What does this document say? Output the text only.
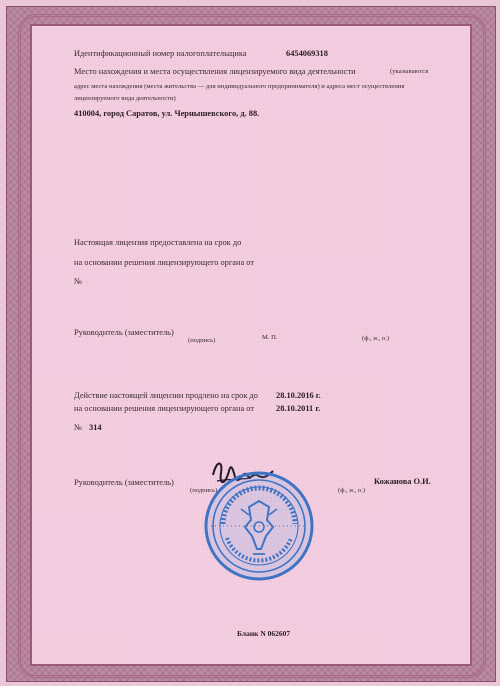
Идентификационный номер налогоплательщика	6454069318
Место нахождения и места осуществления лицензируемого вида деятельности	(указываются
адрес места нахождения (места жительства — для индивидуального предпринимателя) и адреса мест осуществления
лицензируемого вида деятельности)
410004, город Саратов, ул. Чернышевского, д. 88.
Настоящая лицензия предоставлена на срок до
на основании решения лицензирующего органа от
№
Руководитель (заместитель)
(подпись)	М. П.	(ф., и., о.)
Действие настоящей лицензии продлено на срок до 28.10.2016 г.
на основании решения лицензирующего органа от	28.10.2011 г.
№ 314
Руководитель (заместитель)
(подпись)
Кожанова О.И.
(ф., и., о.)
Бланк N 062607
